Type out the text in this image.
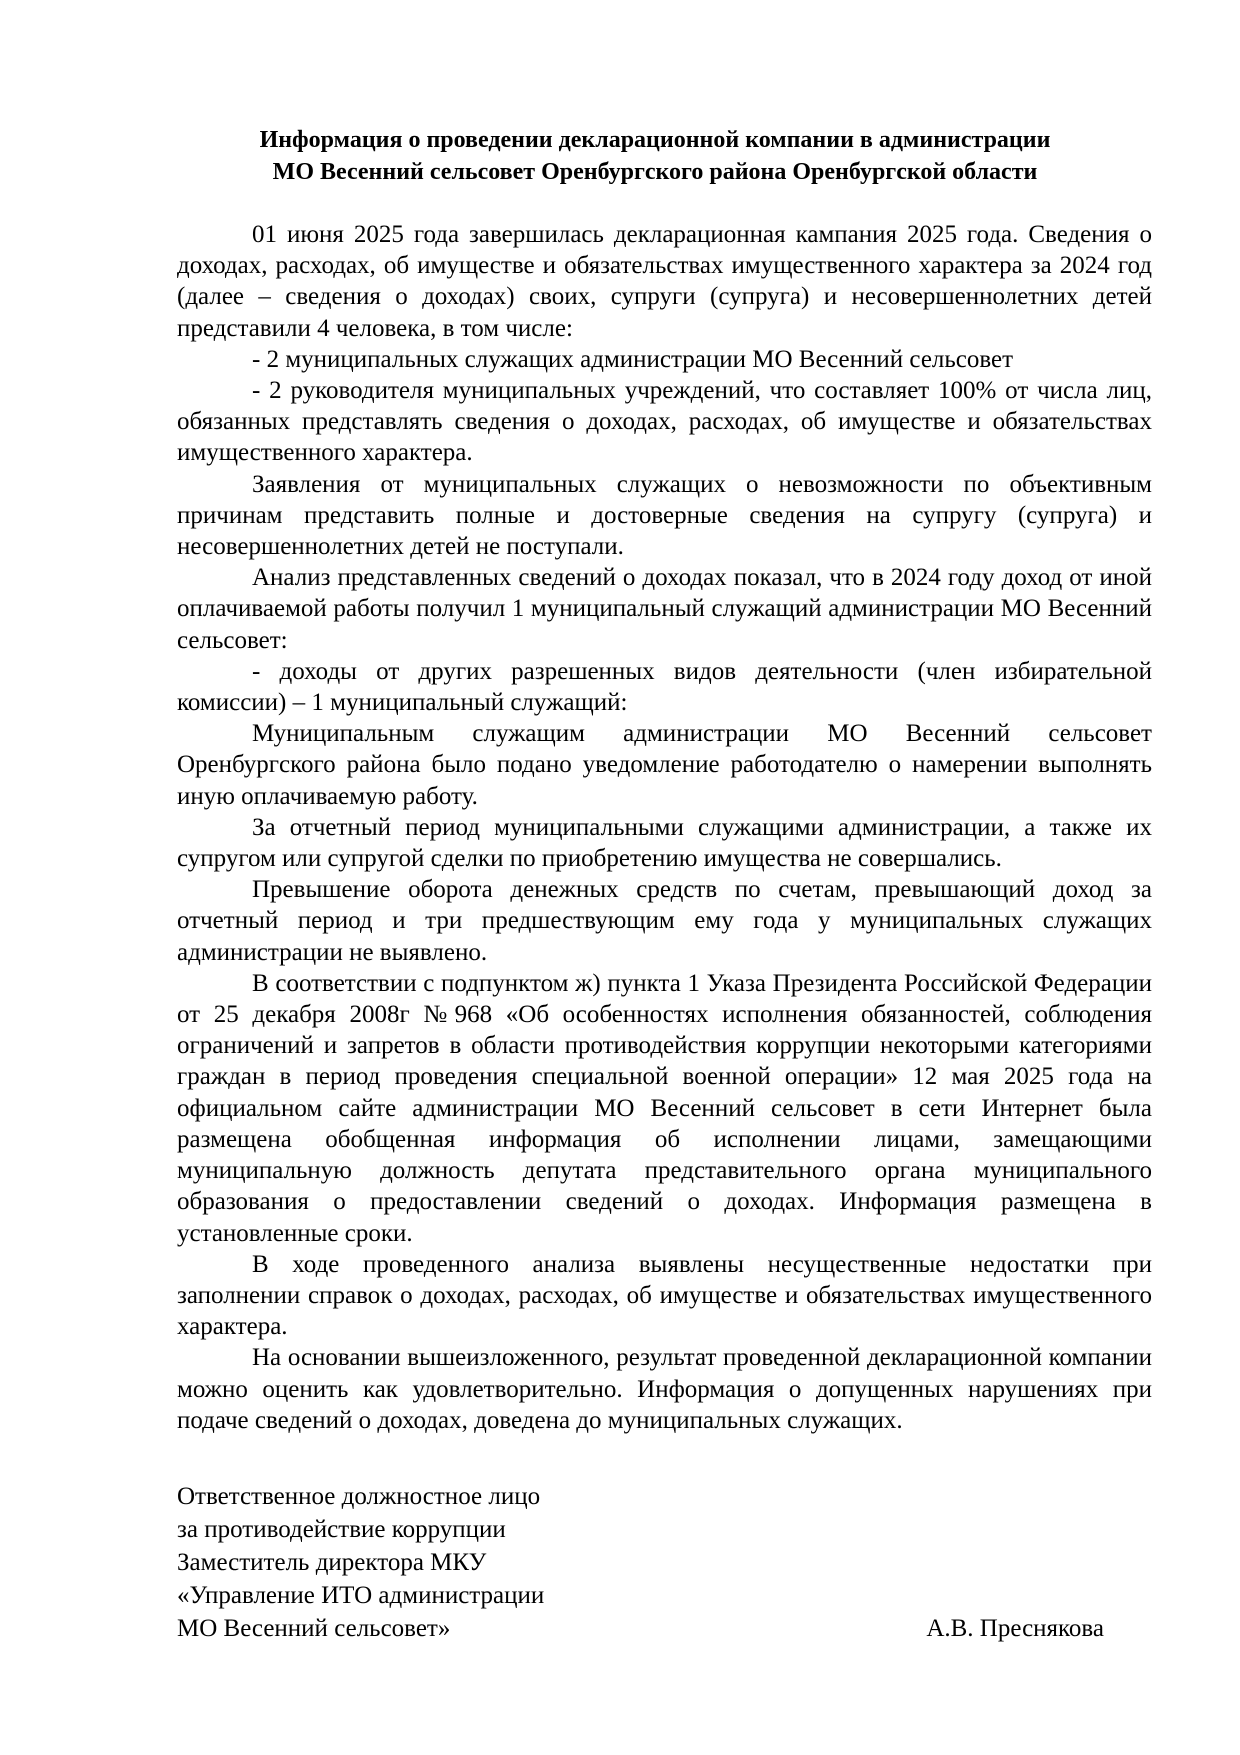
Информация о проведении декларационной компании в администрации
МО Весенний сельсовет Оренбургского района Оренбургской области

01 июня 2025 года завершилась декларационная кампания 2025 года. Сведения о доходах, расходах, об имуществе и обязательствах имущественного характера за 2024 год (далее – сведения о доходах) своих, супруги (супруга) и несовершеннолетних детей представили 4 человека, в том числе:

- 2 муниципальных служащих администрации МО Весенний сельсовет

- 2 руководителя муниципальных учреждений, что составляет 100% от числа лиц, обязанных представлять сведения о доходах, расходах, об имуществе и обязательствах имущественного характера.

Заявления от муниципальных служащих о невозможности по объективным причинам представить полные и достоверные сведения на супругу (супруга) и несовершеннолетних детей не поступали.

Анализ представленных сведений о доходах показал, что в 2024 году доход от иной оплачиваемой работы получил 1 муниципальный служащий администрации МО Весенний сельсовет:

- доходы от других разрешенных видов деятельности (член избирательной комиссии) – 1 муниципальный служащий:

Муниципальным служащим администрации МО Весенний сельсовет Оренбургского района было подано уведомление работодателю о намерении выполнять иную оплачиваемую работу.

За отчетный период муниципальными служащими администрации, а также их супругом или супругой сделки по приобретению имущества не совершались.

Превышение оборота денежных средств по счетам, превышающий доход за отчетный период и три предшествующим ему года у муниципальных служащих администрации не выявлено.

В соответствии с подпунктом ж) пункта 1 Указа Президента Российской Федерации от 25 декабря 2008г №968 «Об особенностях исполнения обязанностей, соблюдения ограничений и запретов в области противодействия коррупции некоторыми категориями граждан в период проведения специальной военной операции» 12 мая 2025 года на официальном сайте администрации МО Весенний сельсовет в сети Интернет была размещена обобщенная информация об исполнении лицами, замещающими муниципальную должность депутата представительного органа муниципального образования о предоставлении сведений о доходах. Информация размещена в установленные сроки.

В ходе проведенного анализа выявлены несущественные недостатки при заполнении справок о доходах, расходах, об имуществе и обязательствах имущественного характера.

На основании вышеизложенного, результат проведенной декларационной компании можно оценить как удовлетворительно. Информация о допущенных нарушениях при подаче сведений о доходах, доведена до муниципальных служащих.

Ответственное должностное лицо
за противодействие коррупции
Заместитель директора МКУ
«Управление ИТО администрации
МО Весенний сельсовет»	А.В. Преснякова
